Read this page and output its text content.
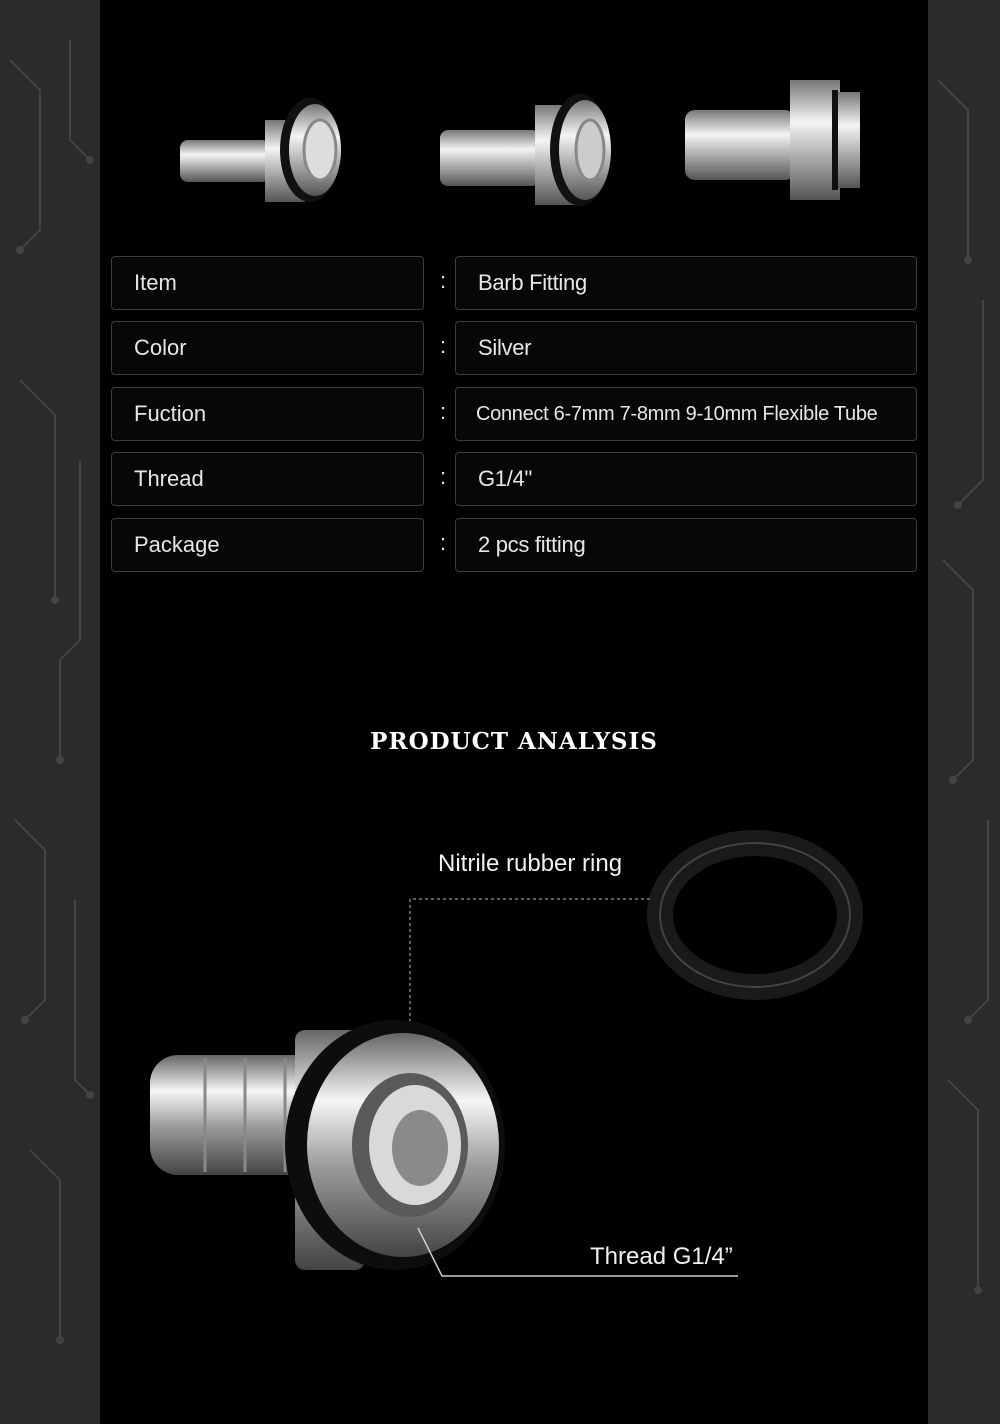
Item	:	Barb Fitting
Color	:	Silver
Fuction	:	Connect 6-7mm 7-8mm 9-10mm Flexible Tube
Thread	:	G1/4"
Package	:	2 pcs fitting
PRODUCT ANALYSIS
Nitrile rubber ring
Thread G1/4”
